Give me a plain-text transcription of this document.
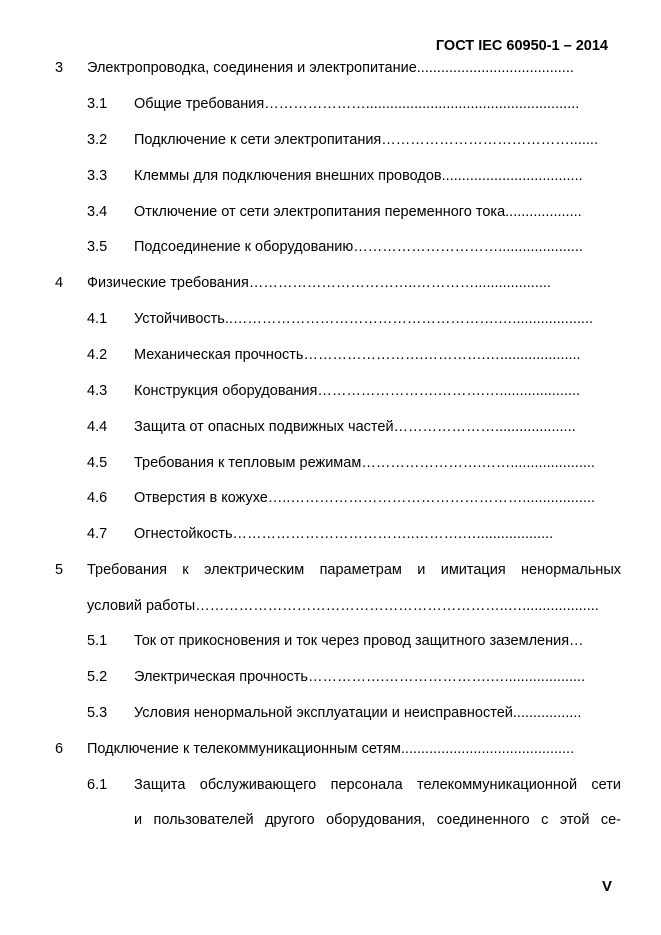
ГОСТ IEC 60950-1 – 2014
3 Электропроводка, соединения и электропитание.......................................
3.1 Общие требования………………….....................................................
3.2 Подключение к сети электропитания………………………………….......
3.3 Клеммы для подключения внешних проводов...................................
3.4 Отключение от сети электропитания переменного тока...................
3.5 Подсоединение к оборудованию………………………….....................
4 Физические требования……………………………..…………...................
4.1 Устойчивость..……………………………………………….…....................
4.2 Механическая прочность…………………….………….…....................
4.3 Конструкция оборудования…………………….……….…....................
4.4 Защита от опасных подвижных частей…………………....................
4.5 Требования к тепловым режимам…………………….…….....................
4.6 Отверстия в кожухе…..…………………………………………..................
4.7 Огнестойкость………………………………..……….…...................
5 Требования к электрическим параметрам и имитация ненормальных
условий работы………………………………………………………..…...................
5.1 Ток от прикосновения и ток через провод защитного заземления…
5.2 Электрическая прочность…………….………………….…....................
5.3 Условия ненормальной эксплуатации и неисправностей.................
6 Подключение к телекоммуникационным сетям...........................................
6.1 Защита обслуживающего персонала телекоммуникационной сети
и пользователей другого оборудования, соединенного с этой се-
V
